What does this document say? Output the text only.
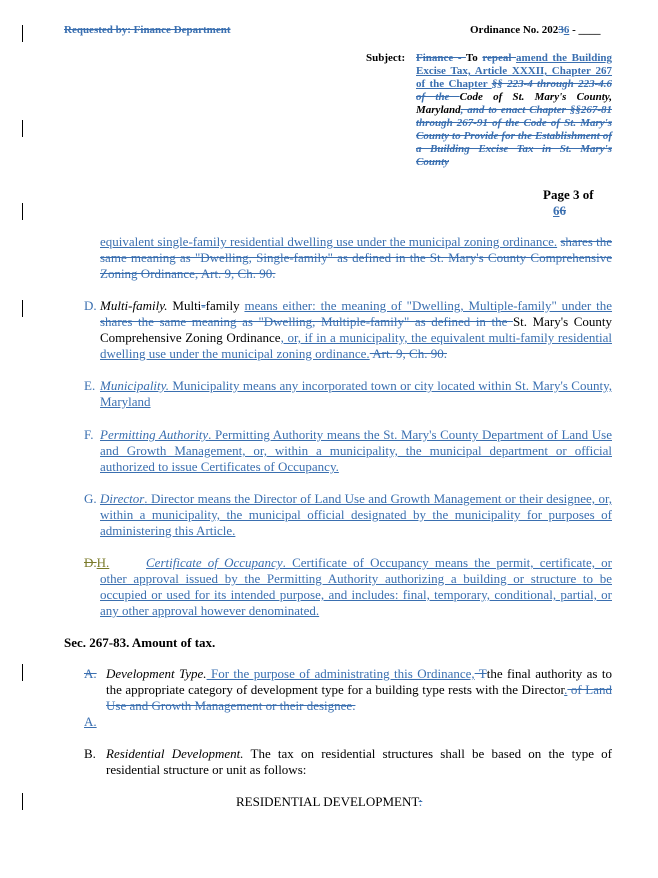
Requested by: Finance Department	Ordinance No. 20236 - ____
Subject: Finance - To repeal amend the Building Excise Tax, Article XXXII, Chapter 267 of the Chapter §§ 223-4 through 223-4.6 of the Code of St. Mary's County, Maryland, and to enact Chapter §§267-81 through 267-91 of the Code of St. Mary's County to Provide for the Establishment of a Building Excise Tax in St. Mary's County
Page 3 of
66
equivalent single-family residential dwelling use under the municipal zoning ordinance. shares the same meaning as "Dwelling, Single-family" as defined in the St. Mary's County Comprehensive Zoning Ordinance, Art. 9, Ch. 90.
D. Multi-family. Multi-family means either: the meaning of "Dwelling, Multiple-family" under the shares the same meaning as "Dwelling, Multiple-family" as defined in the St. Mary's County Comprehensive Zoning Ordinance, or, if in a municipality, the equivalent multi-family residential dwelling use under the municipal zoning ordinance. Art. 9, Ch. 90.
E. Municipality. Municipality means any incorporated town or city located within St. Mary's County, Maryland
F. Permitting Authority. Permitting Authority means the St. Mary's County Department of Land Use and Growth Management, or, within a municipality, the municipal department or official authorized to issue Certificates of Occupancy.
G. Director. Director means the Director of Land Use and Growth Management or their designee, or, within a municipality, the municipal official designated by the municipality for purposes of administering this Article.
D.H.	Certificate of Occupancy. Certificate of Occupancy means the permit, certificate, or other approval issued by the Permitting Authority authorizing a building or structure to be occupied or used for its intended purpose, and includes: final, temporary, conditional, partial, or any other approval however denominated.
Sec. 267-83. Amount of tax.
A. Development Type. For the purpose of administrating this Ordinance, Tthe final authority as to the appropriate category of development type for a building type rests with the Director. of Land Use and Growth Management or their designee.
A.
B. Residential Development. The tax on residential structures shall be based on the type of residential structure or unit as follows:
RESIDENTIAL DEVELOPMENT:
